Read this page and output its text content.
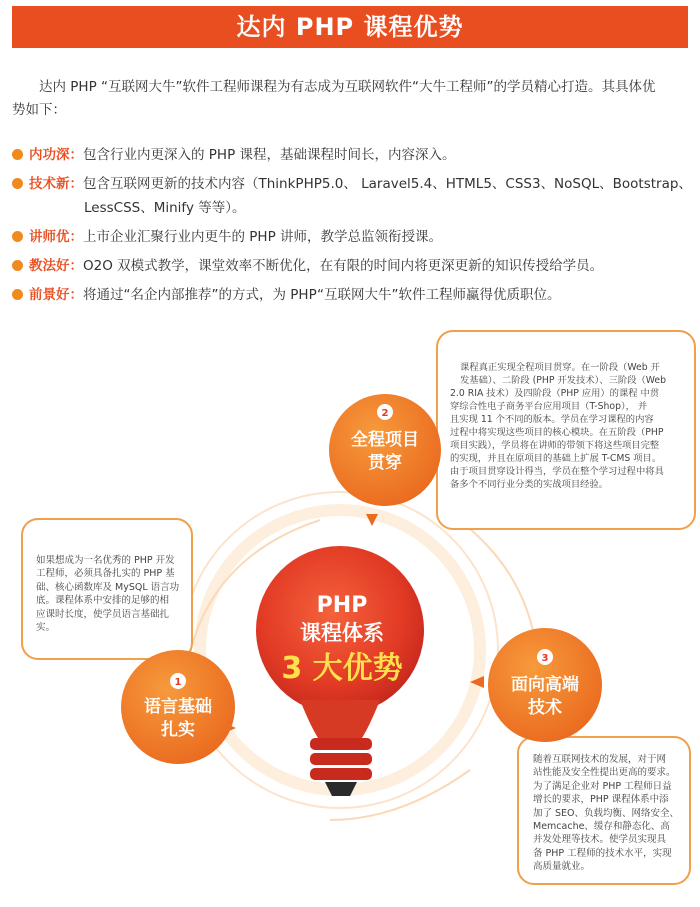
达内 PHP 课程优势
达内 PHP “互联网大牛”软件工程师课程为有志成为互联网软件“大牛工程师”的学员精心打造。其具体优
势如下：
内功深：包含行业内更深入的 PHP 课程，基础课程时间长，内容深入。
技术新：包含互联网更新的技术内容（ThinkPHP5.0、 Laravel5.4、HTML5、CSS3、NoSQL、Bootstrap、
LessCSS、Minify 等等）。
讲师优：上市企业汇聚行业内更牛的 PHP 讲师，教学总监领衔授课。
教法好：O2O 双模式教学，课堂效率不断优化，在有限的时间内将更深更新的知识传授给学员。
前景好：将通过“名企内部推荐”的方式，为 PHP“互联网大牛”软件工程师赢得优质职位。
PHP
课程体系
3 大优势
2
全程项目
贯穿
1
语言基础
扎实
3
面向高端
技术
如果想成为一名优秀的 PHP 开发
工程师，必须具备扎实的 PHP 基
础、核心函数库及 MySQL 语言功
底。课程体系中安排的足够的相
应课时长度，使学员语言基础扎
实。
课程真正实现全程项目贯穿。在一阶段（Web 开
发基础）、二阶段 (PHP 开发技术）、三阶段（Web
2.0 RIA 技术）及四阶段（PHP 应用）的课程 中贯
穿综合性电子商务平台应用项目（T-Shop）， 并
且实现 11 个不同的版本。学员在学习课程的内容
过程中将实现这些项目的核心模块。在五阶段（PHP
项目实践），学员将在讲师的带领下将这些项目完整
的实现，并且在原项目的基础上扩展 T-CMS 项目。
由于项目贯穿设计得当，学员在整个学习过程中将具
备多个不同行业分类的实战项目经验。
随着互联网技术的发展，对于网
站性能及安全性提出更高的要求。
为了满足企业对 PHP 工程师日益
增长的要求，PHP 课程体系中添
加了 SEO、负载均衡、网络安全、
Memcache、缓存和静态化、高
并发处理等技术。使学员实现具
备 PHP 工程师的技术水平，实现
高质量就业。
